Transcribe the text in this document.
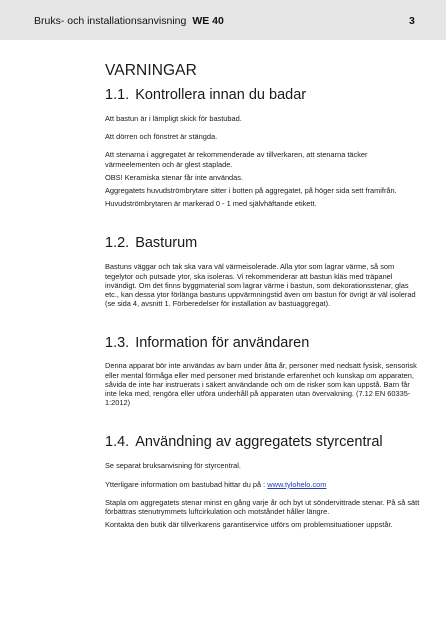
Bruks- och installationsanvisning WE 40	3
VARNINGAR
1.1. Kontrollera innan du badar

Att bastun är i lämpligt skick för bastubad.

Att dörren och fönstret är stängda.

Att stenarna i aggregatet är rekommenderade av tillverkaren, att stenarna täcker värmeelementen och är glest staplade.

OBS! Keramiska stenar får inte användas.

Aggregatets huvudströmbrytare sitter i botten på aggregatet, på höger sida sett framifrån.

Huvudströmbrytaren är markerad 0 - 1 med självhäftande etikett.

1.2. Basturum

Bastuns väggar och tak ska vara väl värmeisolerade. Alla ytor som lagrar värme, så som tegelytor och putsade ytor, ska isoleras. Vi rekommenderar att bastun kläs med träpanel invändigt. Om det finns byggmaterial som lagrar värme i bastun, som dekorationsstenar, glas etc., kan dessa ytor förlänga bastuns uppvärmningstid även om bastun för övrigt är väl isolerad (se sida 4, avsnitt 1. Förberedelser för installation av bastuaggregat).

1.3. Information för användaren

Denna apparat bör inte användas av barn under åtta år, personer med nedsatt fysisk, sensorisk eller mental förmåga eller med personer med bristande erfarenhet och kunskap om apparaten, såvida de inte har instruerats i säkert användande och om de risker som kan uppstå. Barn får inte leka med, rengöra eller utföra underhåll på apparaten utan övervakning. (7.12 EN 60335-1:2012)

1.4. Användning av aggregatets styrcentral

Se separat bruksanvisning för styrcentral.

Ytterligare information om bastubad hittar du på : www.tylohelo.com

Stapla om aggregatets stenar minst en gång varje år och byt ut söndervittrade stenar. På så sätt förbättras stenutrymmets luftcirkulation och motståndet håller längre.

Kontakta den butik där tillverkarens garantiservice utförs om problemsituationer uppstår.
